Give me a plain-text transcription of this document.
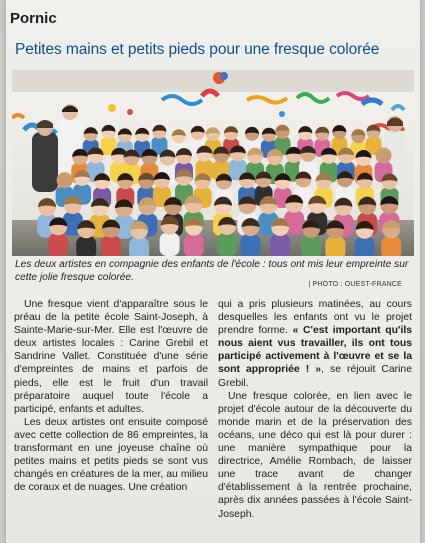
Pornic
Petites mains et petits pieds pour une fresque colorée
Les deux artistes en compagnie des enfants de l'école : tous ont mis leur empreinte sur cette jolie fresque colorée.
| PHOTO : OUEST-FRANCE

Une fresque vient d'apparaître sous le préau de la petite école Saint-Joseph, à Sainte-Marie-sur-Mer. Elle est l'œuvre de deux artistes locales : Carine Grebil et Sandrine Vallet. Constituée d'une série d'empreintes de mains et parfois de pieds, elle est le fruit d'un travail préparatoire auquel toute l'école a participé, enfants et adultes.

Les deux artistes ont ensuite composé avec cette collection de 86 empreintes, la transformant en une joyeuse chaîne où petites mains et petits pieds se sont vus changés en créatures de la mer, au milieu de coraux et de nuages. Une création

qui a pris plusieurs matinées, au cours desquelles les enfants ont vu le projet prendre forme. « C'est important qu'ils nous aient vus travailler, ils ont tous participé activement à l'œuvre et se la sont appropriée ! », se réjouit Carine Grebil.

Une fresque colorée, en lien avec le projet d'école autour de la découverte du monde marin et de la préservation des océans, une déco qui est là pour durer : une manière sympathique pour la directrice, Amélie Rombach, de laisser une trace avant de changer d'établissement à la rentrée prochaine, après dix années passées à l'école Saint-Joseph.
